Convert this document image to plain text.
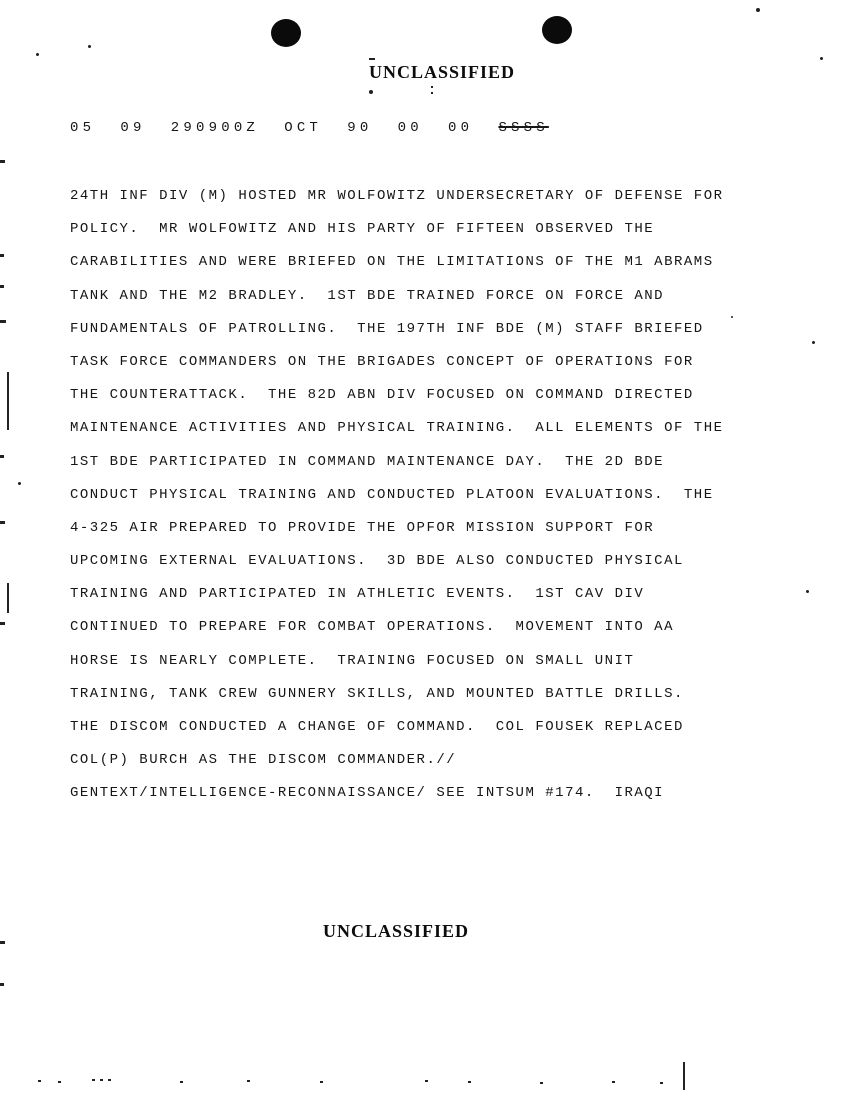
UNCLASSIFIED
05  09  290900Z  OCT  90  00  00  SSSS
24TH INF DIV (M) HOSTED MR WOLFOWITZ UNDERSECRETARY OF DEFENSE FOR
POLICY.  MR WOLFOWITZ AND HIS PARTY OF FIFTEEN OBSERVED THE
CARABILITIES AND WERE BRIEFED ON THE LIMITATIONS OF THE M1 ABRAMS
TANK AND THE M2 BRADLEY.  1ST BDE TRAINED FORCE ON FORCE AND
FUNDAMENTALS OF PATROLLING.  THE 197TH INF BDE (M) STAFF BRIEFED
TASK FORCE COMMANDERS ON THE BRIGADES CONCEPT OF OPERATIONS FOR
THE COUNTERATTACK.  THE 82D ABN DIV FOCUSED ON COMMAND DIRECTED
MAINTENANCE ACTIVITIES AND PHYSICAL TRAINING.  ALL ELEMENTS OF THE
1ST BDE PARTICIPATED IN COMMAND MAINTENANCE DAY.  THE 2D BDE
CONDUCT PHYSICAL TRAINING AND CONDUCTED PLATOON EVALUATIONS.  THE
4-325 AIR PREPARED TO PROVIDE THE OPFOR MISSION SUPPORT FOR
UPCOMING EXTERNAL EVALUATIONS.  3D BDE ALSO CONDUCTED PHYSICAL
TRAINING AND PARTICIPATED IN ATHLETIC EVENTS.  1ST CAV DIV
CONTINUED TO PREPARE FOR COMBAT OPERATIONS.  MOVEMENT INTO AA
HORSE IS NEARLY COMPLETE.  TRAINING FOCUSED ON SMALL UNIT
TRAINING, TANK CREW GUNNERY SKILLS, AND MOUNTED BATTLE DRILLS.
THE DISCOM CONDUCTED A CHANGE OF COMMAND.  COL FOUSEK REPLACED
COL(P) BURCH AS THE DISCOM COMMANDER.//
GENTEXT/INTELLIGENCE-RECONNAISSANCE/ SEE INTSUM #174.  IRAQI
UNCLASSIFIED
